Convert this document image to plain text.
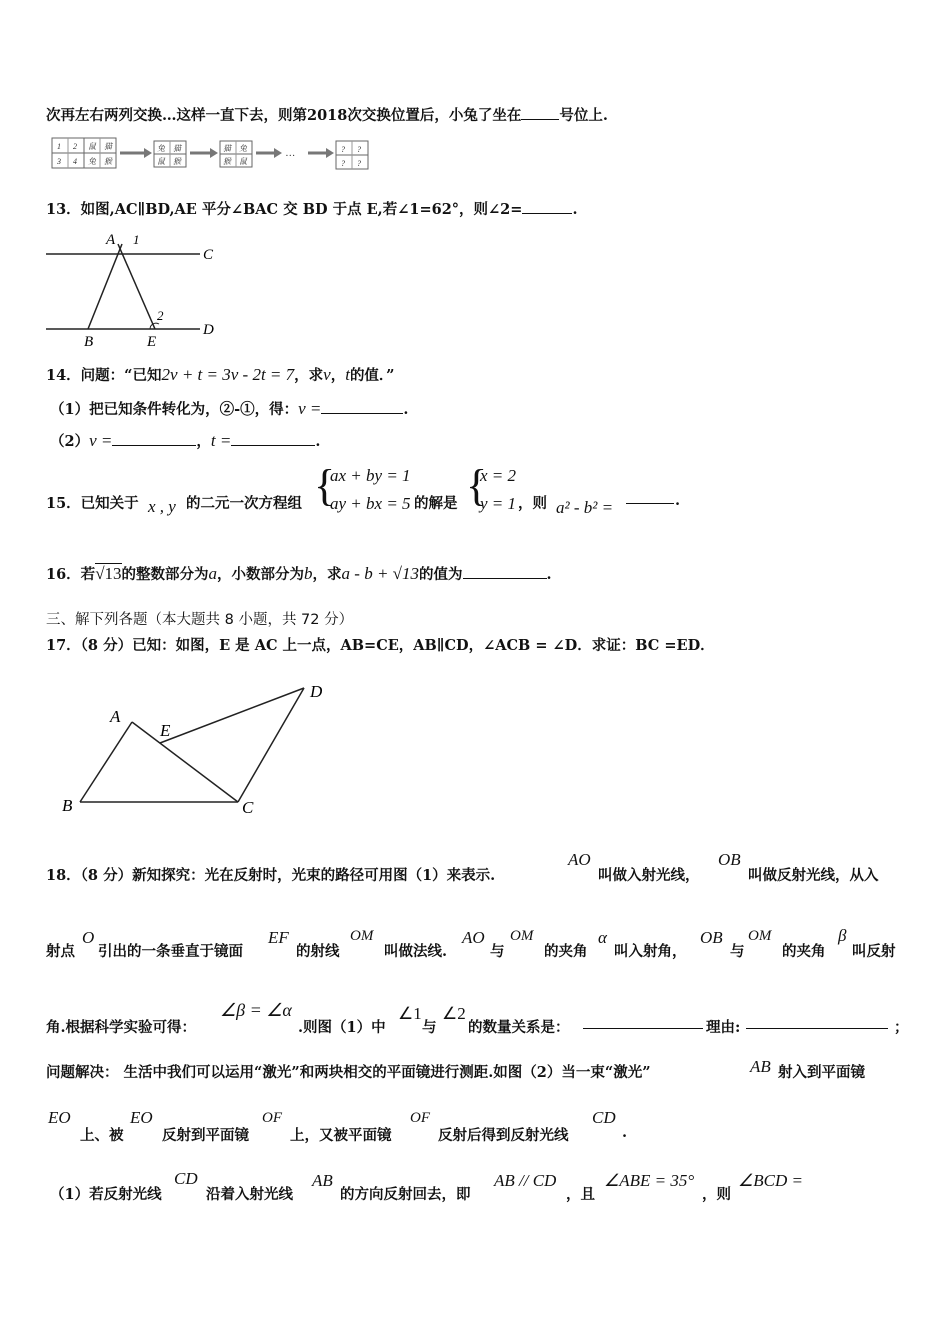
次再左右两列交换…这样一直下去，则第2018次交换位置后，小兔了坐在	号位上.
1 2 鼠 猫
3 4 兔 猴
兔 猫
鼠 猴
猫 兔
猴 鼠
…	? ?
? ?
13．如图,AC∥BD,AE 平分∠BAC 交 BD 于点 E,若∠1=62°，则∠2=	.
A 1
C
B	E
2
D
14．问题：“已知2v + t = 3v - 2t = 7，求v，t的值．”
（1）把已知条件转化为，②-①，得：v =	.
（2）v =	，t =	.
15．已知关于 x , y 的二元一次方程组 {
ax + by = 1
ay + bx = 5 的解是 {
x = 2
y = 1 ，则 a² - b² =	.
16．若√13的整数部分为a，小数部分为b，求a - b + √13的值为	.
三、解下列各题（本大题共 8 小题，共 72 分）
17．（8 分）已知：如图，E 是 AC 上一点，AB=CE，AB∥CD，∠ACB = ∠D．求证：BC =ED．
A
E
D
B	C
18．（8 分）新知探究：光在反射时，光束的路径可用图（1）来表示.
AO
叫做入射光线，
OB
叫做反射光线，从入
射点
O
引出的一条垂直于镜面
EF
的射线
OM
叫做法线.
AO
与
OM
的夹角
α
叫入射角，
OB
与
OM
的夹角
β
叫反射
角.根据科学实验可得：
∠β = ∠α
.则图（1）中
∠1
与
∠2
的数量关系是：	理由:	；
问题解决： 生活中我们可以运用“激光”和两块相交的平面镜进行测距.如图（2）当一束“激光”	AB 射入到平面镜
EO
上、被
EO
反射到平面镜
OF
上，又被平面镜
OF
反射后得到反射光线
CD
.
（1）若反射光线
CD
沿着入射光线
AB
的方向反射回去，即
AB // CD
，且
∠ABE = 35°
，则
∠BCD =
